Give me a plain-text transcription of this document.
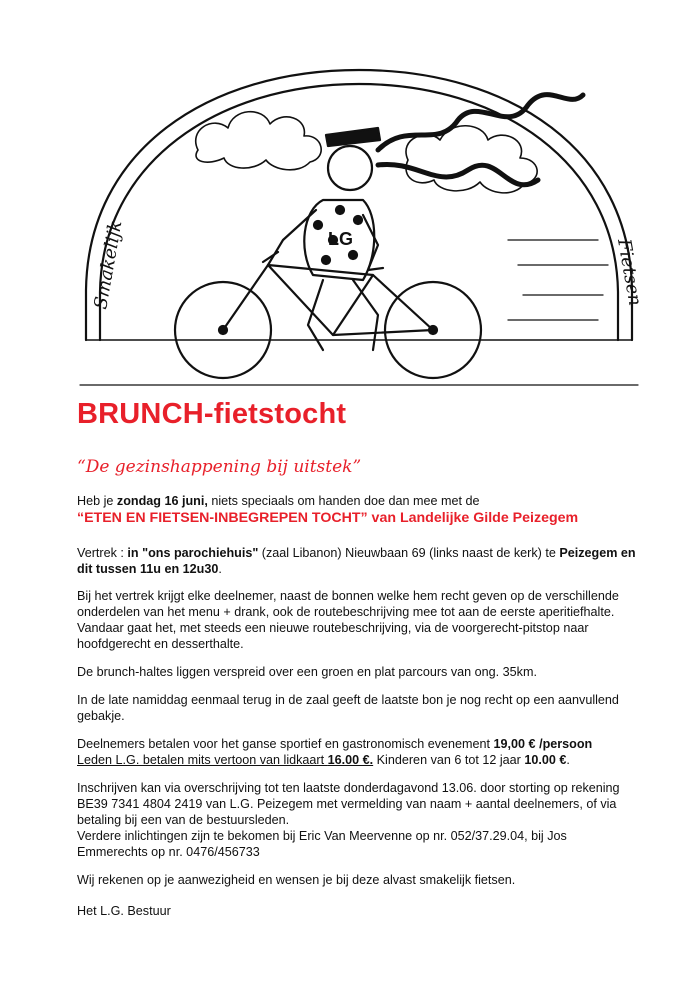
Smakelijk	Fietsen
LG
BRUNCH-fietstocht
“De gezinshappening bij uitstek”
Heb je zondag 16 juni, niets speciaals om handen doe dan mee met de
“ETEN EN FIETSEN-INBEGREPEN TOCHT” van Landelijke Gilde Peizegem
Vertrek : in "ons parochiehuis" (zaal Libanon) Nieuwbaan 69 (links naast de kerk) te Peizegem en
dit tussen 11u en 12u30.
Bij het vertrek krijgt elke deelnemer, naast de bonnen welke hem recht geven op de verschillende
onderdelen van het menu + drank, ook de routebeschrijving mee tot aan de eerste aperitiefhalte.
Vandaar gaat het, met steeds een nieuwe routebeschrijving, via de voorgerecht-pitstop naar
hoofdgerecht en desserthalte.
De brunch-haltes liggen verspreid over een groen en plat parcours van ong. 35km.
In de late namiddag eenmaal terug in de zaal geeft de laatste bon je nog recht op een aanvullend
gebakje.
Deelnemers betalen voor het ganse sportief en gastronomisch evenement 19,00 € /persoon
Leden L.G. betalen mits vertoon van lidkaart 16.00 €. Kinderen van 6 tot 12 jaar 10.00 €.
Inschrijven kan via overschrijving tot ten laatste donderdagavond 13.06. door storting op rekening
BE39 7341 4804 2419 van L.G. Peizegem met vermelding van naam + aantal deelnemers, of via
betaling bij een van de bestuursleden.
Verdere inlichtingen zijn te bekomen bij Eric Van Meervenne op nr. 052/37.29.04, bij Jos
Emmerechts op nr. 0476/456733
Wij rekenen op je aanwezigheid en wensen je bij deze alvast smakelijk fietsen.
Het L.G. Bestuur
